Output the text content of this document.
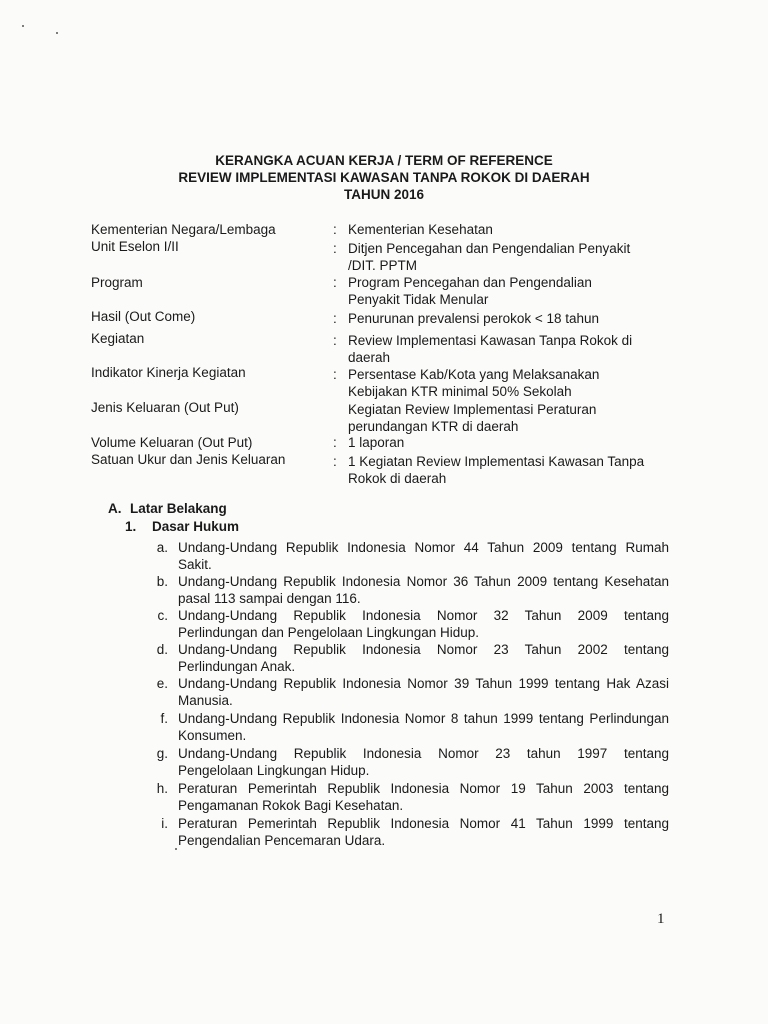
KERANGKA ACUAN KERJA / TERM OF REFERENCE
REVIEW IMPLEMENTASI KAWASAN TANPA ROKOK DI DAERAH
TAHUN 2016
Kementerian Negara/Lembaga	: Kementerian Kesehatan
Unit Eselon I/II	: Ditjen Pencegahan dan Pengendalian Penyakit
/DIT. PPTM
Program	: Program Pencegahan dan Pengendalian
Penyakit Tidak Menular
Hasil (Out Come)	: Penurunan prevalensi perokok < 18 tahun
Kegiatan	: Review Implementasi Kawasan Tanpa Rokok di
daerah
Indikator Kinerja Kegiatan	: Persentase Kab/Kota yang Melaksanakan
Kebijakan KTR minimal 50% Sekolah
Jenis Keluaran (Out Put)	Kegiatan Review Implementasi Peraturan
perundangan KTR di daerah
Volume Keluaran (Out Put)	: 1 laporan
Satuan Ukur dan Jenis Keluaran	: 1 Kegiatan Review Implementasi Kawasan Tanpa
Rokok di daerah
A. Latar Belakang
1. Dasar Hukum
a. Undang-Undang Republik Indonesia Nomor 44 Tahun 2009 tentang Rumah
Sakit.
b. Undang-Undang Republik Indonesia Nomor 36 Tahun 2009 tentang Kesehatan
pasal 113 sampai dengan 116.
c. Undang-Undang Republik Indonesia Nomor 32 Tahun 2009 tentang
Perlindungan dan Pengelolaan Lingkungan Hidup.
d. Undang-Undang Republik Indonesia Nomor 23 Tahun 2002 tentang
Perlindungan Anak.
e. Undang-Undang Republik Indonesia Nomor 39 Tahun 1999 tentang Hak Azasi
Manusia.
f. Undang-Undang Republik Indonesia Nomor 8 tahun 1999 tentang Perlindungan
Konsumen.
g. Undang-Undang Republik Indonesia Nomor 23 tahun 1997 tentang
Pengelolaan Lingkungan Hidup.
h. Peraturan Pemerintah Republik Indonesia Nomor 19 Tahun 2003 tentang
Pengamanan Rokok Bagi Kesehatan.
i. Peraturan Pemerintah Republik Indonesia Nomor 41 Tahun 1999 tentang
Pengendalian Pencemaran Udara.
1
